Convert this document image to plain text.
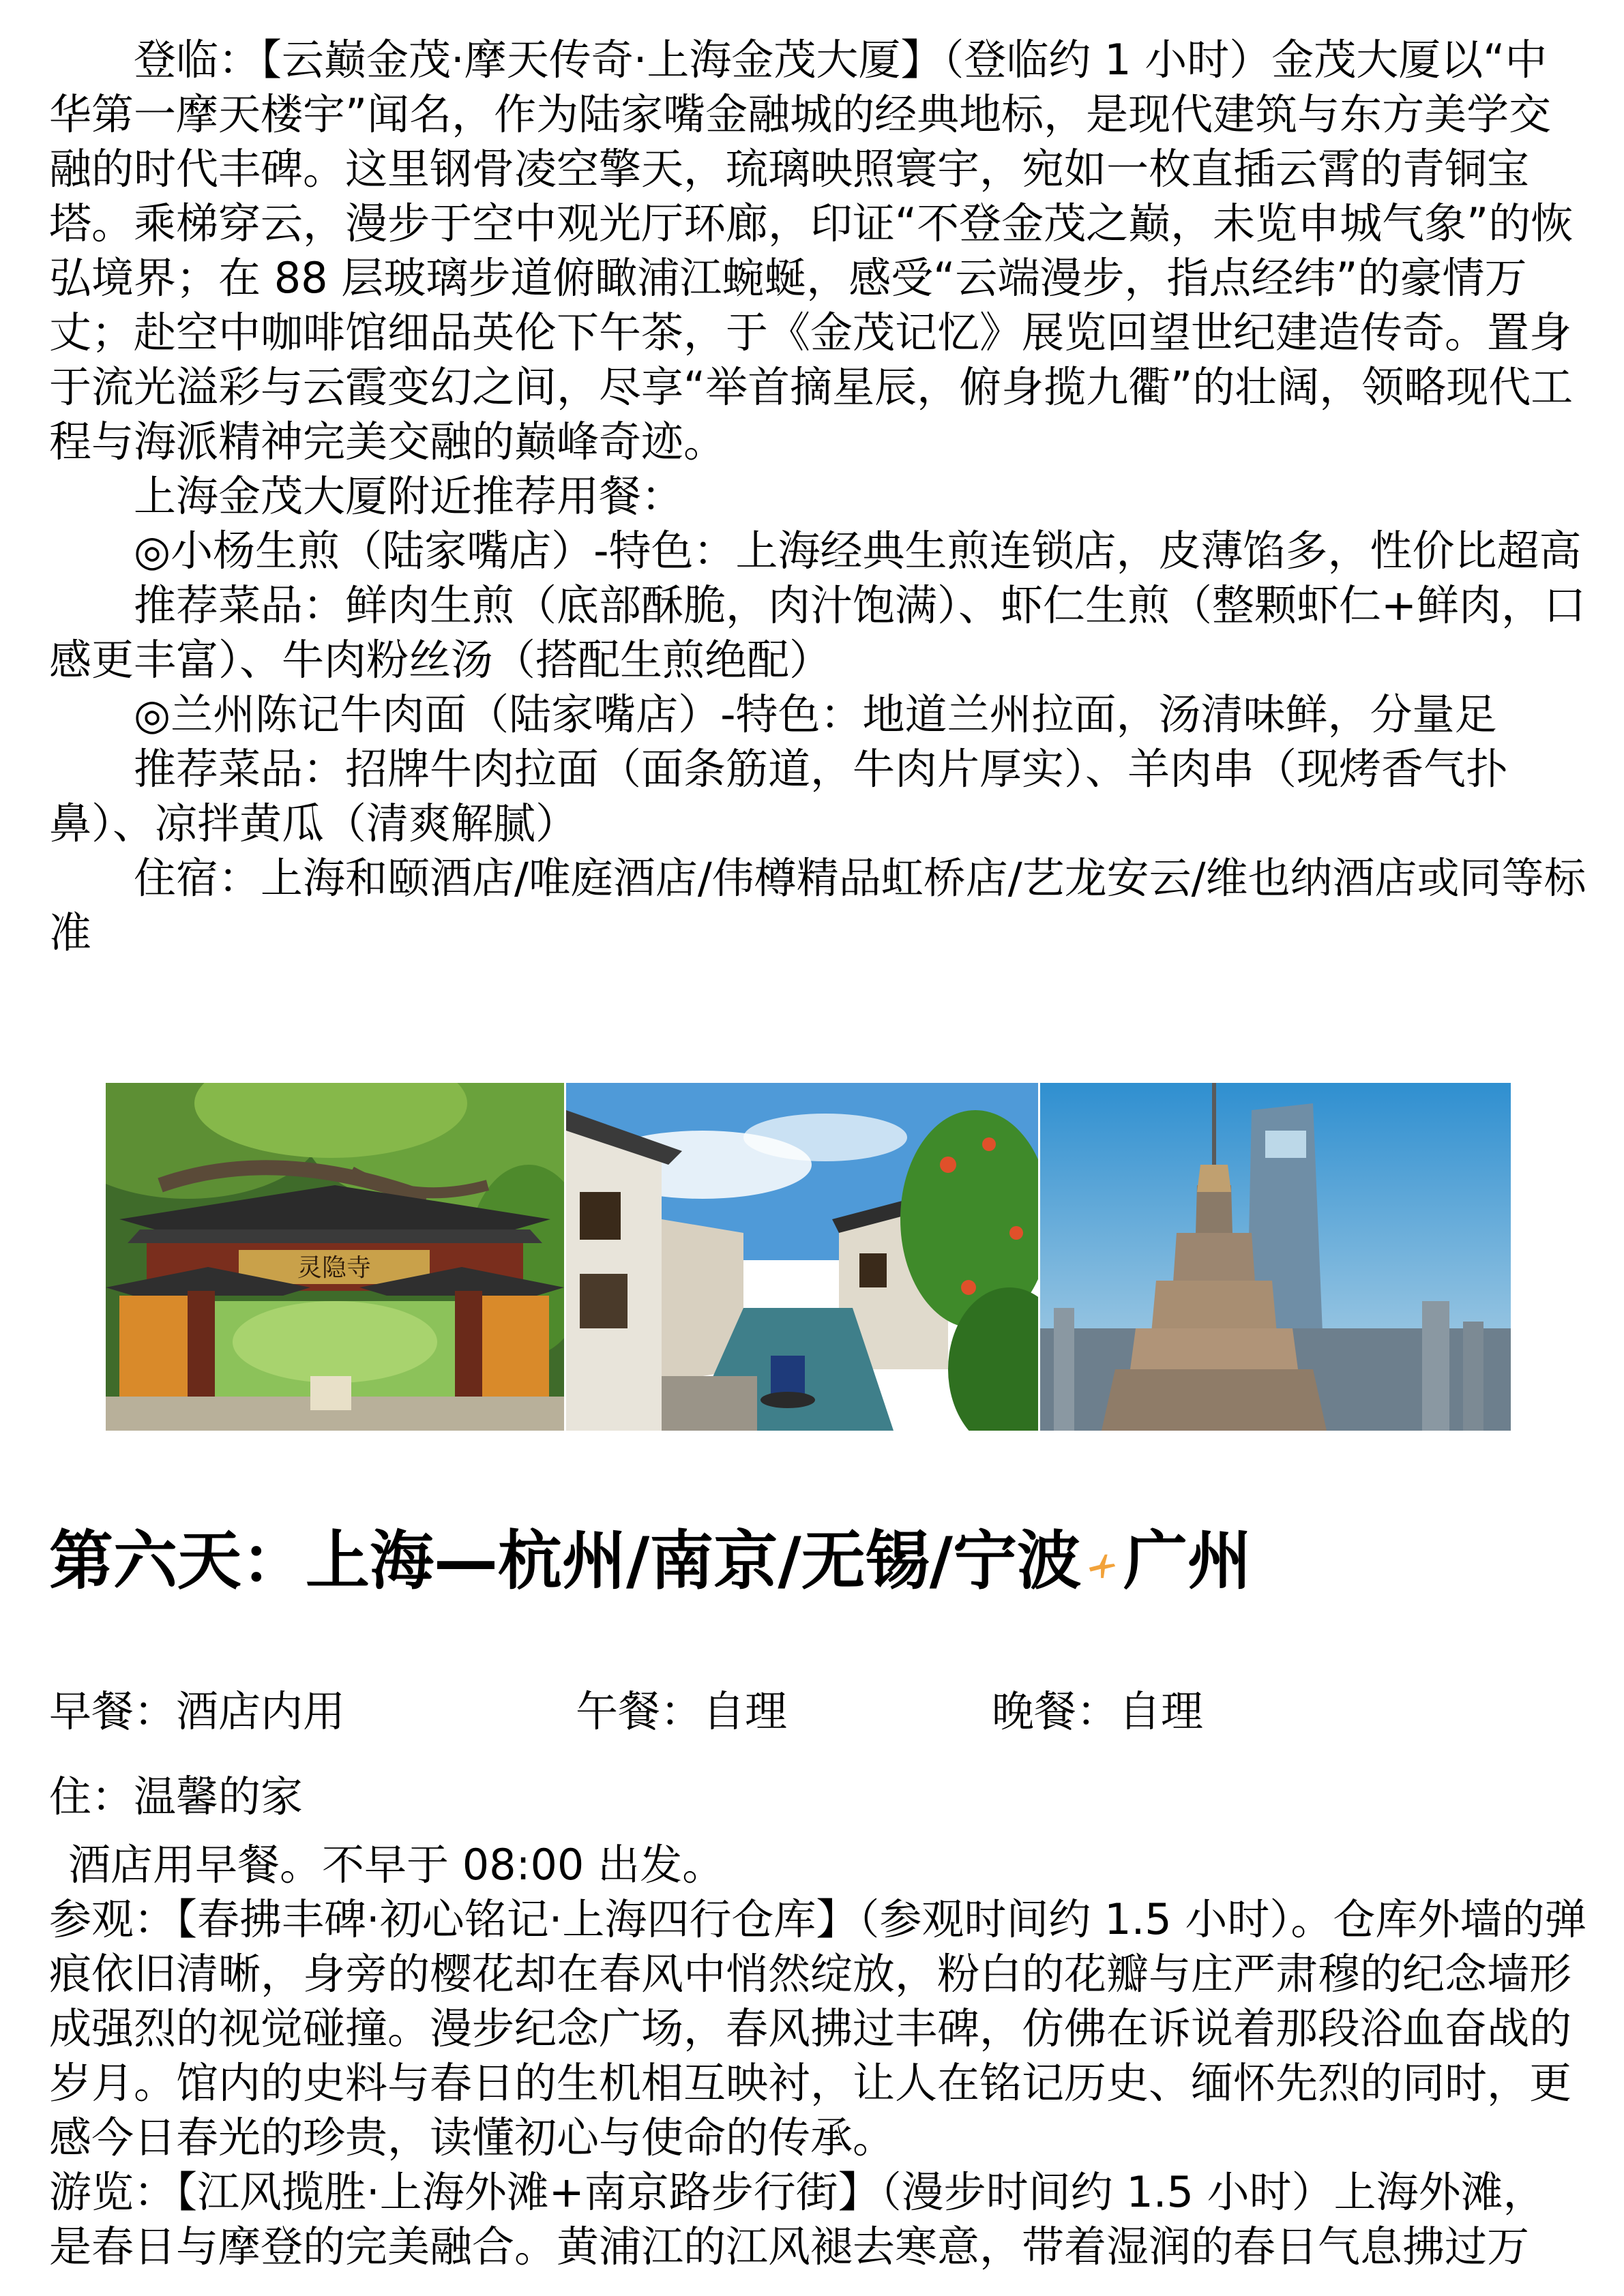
登临：【云巅金茂·摩天传奇·上海金茂大厦】（登临约 1 小时）金茂大厦以“中华第一摩天楼宇”闻名，作为陆家嘴金融城的经典地标，是现代建筑与东方美学交融的时代丰碑。这里钢骨凌空擎天，琉璃映照寰宇，宛如一枚直插云霄的青铜宝塔。乘梯穿云，漫步于空中观光厅环廊，印证“不登金茂之巅，未览申城气象”的恢弘境界；在 88 层玻璃步道俯瞰浦江蜿蜒，感受“云端漫步，指点经纬”的豪情万丈；赴空中咖啡馆细品英伦下午茶，于《金茂记忆》展览回望世纪建造传奇。置身于流光溢彩与云霞变幻之间，尽享“举首摘星辰，俯身揽九衢”的壮阔，领略现代工程与海派精神完美交融的巅峰奇迹。

上海金茂大厦附近推荐用餐：

◎小杨生煎（陆家嘴店）-特色：上海经典生煎连锁店，皮薄馅多，性价比超高

推荐菜品：鲜肉生煎（底部酥脆，肉汁饱满）、虾仁生煎（整颗虾仁+鲜肉，口感更丰富）、牛肉粉丝汤（搭配生煎绝配）

◎兰州陈记牛肉面（陆家嘴店）-特色：地道兰州拉面，汤清味鲜，分量足

推荐菜品：招牌牛肉拉面（面条筋道，牛肉片厚实）、羊肉串（现烤香气扑鼻）、凉拌黄瓜（清爽解腻）

住宿：上海和颐酒店/唯庭酒店/伟樽精品虹桥店/艺龙安云/维也纳酒店或同等标准

灵隐寺
第六天：上海—杭州/南京/无锡/宁波 广州
早餐：酒店内用	午餐：自理	晚餐：自理
住：温馨的家

酒店用早餐。不早于 08:00 出发。

参观：【春拂丰碑·初心铭记·上海四行仓库】（参观时间约 1.5 小时）。仓库外墙的弹痕依旧清晰，身旁的樱花却在春风中悄然绽放，粉白的花瓣与庄严肃穆的纪念墙形成强烈的视觉碰撞。漫步纪念广场，春风拂过丰碑，仿佛在诉说着那段浴血奋战的岁月。馆内的史料与春日的生机相互映衬，让人在铭记历史、缅怀先烈的同时，更感今日春光的珍贵，读懂初心与使命的传承。

游览：【江风揽胜·上海外滩+南京路步行街】（漫步时间约 1.5 小时）上海外滩，是春日与摩登的完美融合。黄浦江的江风褪去寒意，带着湿润的春日气息拂过万
